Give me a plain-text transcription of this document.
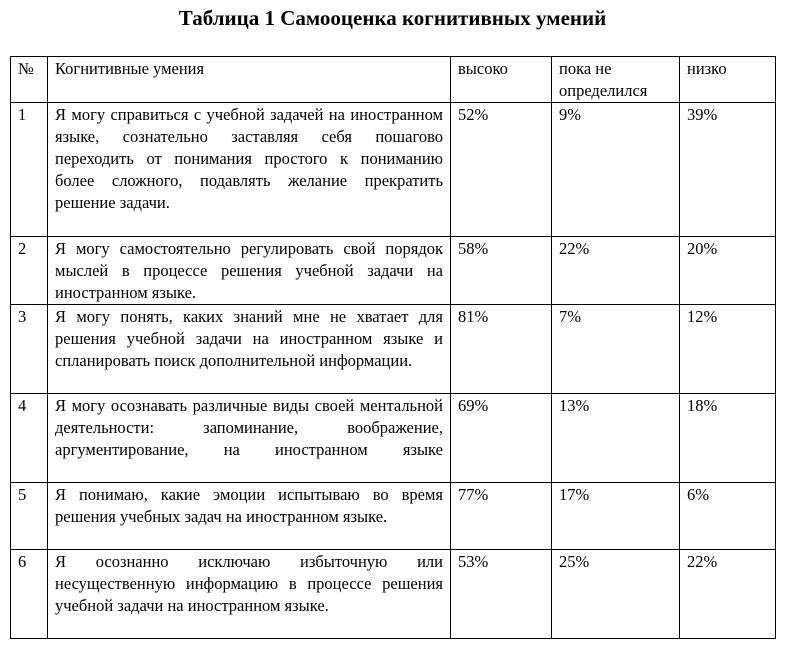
Таблица 1 Самооценка когнитивных умений
№	Когнитивные умения	высоко	пока не определился	низко
1	Я могу справиться с учебной задачей на иностранном языке, сознательно заставляя себя пошагово переходить от понимания простого к пониманию более сложного, подавлять желание прекратить решение задачи.	52%	9%	39%
2	Я могу самостоятельно регулировать свой порядок мыслей в процессе решения учебной задачи на иностранном языке.	58%	22%	20%
3	Я могу понять, каких знаний мне не хватает для решения учебной задачи на иностранном языке и спланировать поиск дополнительной информации.	81%	7%	12%
4	Я могу осознавать различные виды своей ментальной деятельности: запоминание, воображение, аргументирование, на иностранном языке	69%	13%	18%
5	Я понимаю, какие эмоции испытываю во время решения учебных задач на иностранном языке.	77%	17%	6%
6	Я осознанно исключаю избыточную или несущественную информацию в процессе решения учебной задачи на иностранном языке.	53%	25%	22%
